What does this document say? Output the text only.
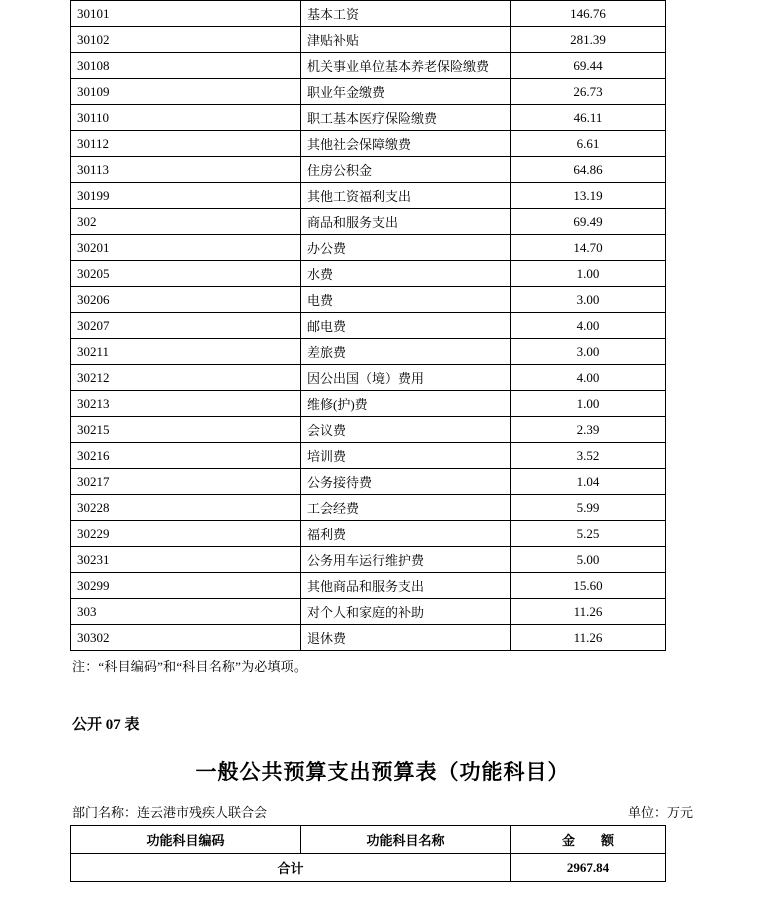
30101	基本工资	146.76
30102	津贴补贴	281.39
30108	机关事业单位基本养老保险缴费	69.44
30109	职业年金缴费	26.73
30110	职工基本医疗保险缴费	46.11
30112	其他社会保障缴费	6.61
30113	住房公积金	64.86
30199	其他工资福利支出	13.19
302	商品和服务支出	69.49
30201	办公费	14.70
30205	水费	1.00
30206	电费	3.00
30207	邮电费	4.00
30211	差旅费	3.00
30212	因公出国（境）费用	4.00
30213	维修(护)费	1.00
30215	会议费	2.39
30216	培训费	3.52
30217	公务接待费	1.04
30228	工会经费	5.99
30229	福利费	5.25
30231	公务用车运行维护费	5.00
30299	其他商品和服务支出	15.60
303	对个人和家庭的补助	11.26
30302	退休费	11.26
注：“科目编码”和“科目名称”为必填项。
公开 07 表
一般公共预算支出预算表（功能科目）
部门名称：连云港市残疾人联合会	单位：万元
功能科目编码	功能科目名称	金　　额
合计		2967.84
